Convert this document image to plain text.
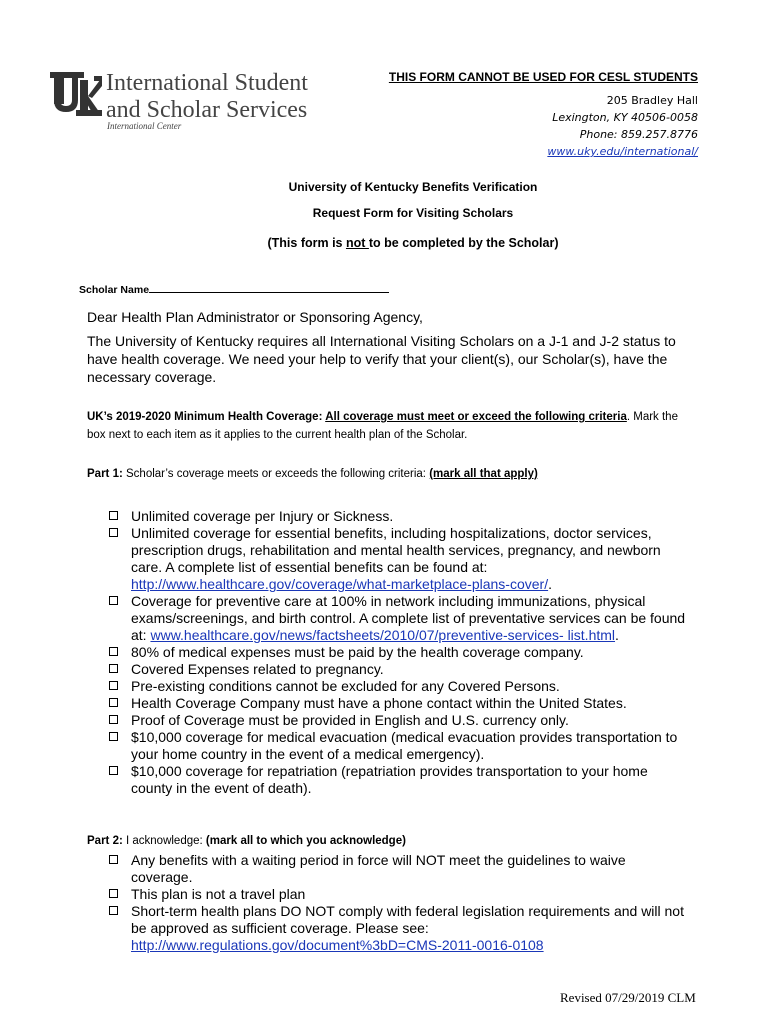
International Student
and Scholar Services
International Center
THIS FORM CANNOT BE USED FOR CESL STUDENTS
205 Bradley Hall
Lexington, KY 40506-0058
Phone: 859.257.8776
www.uky.edu/international/
University of Kentucky Benefits Verification
Request Form for Visiting Scholars
(This form is not to be completed by the Scholar)
Scholar Name

Dear Health Plan Administrator or Sponsoring Agency,

The University of Kentucky requires all International Visiting Scholars on a J-1 and J-2 status to have health coverage. We need your help to verify that your client(s), our Scholar(s), have the necessary coverage.

UK’s 2019-2020 Minimum Health Coverage: All coverage must meet or exceed the following criteria. Mark the box next to each item as it applies to the current health plan of the Scholar.
Part 1: Scholar’s coverage meets or exceeds the following criteria: (mark all that apply)
Unlimited coverage per Injury or Sickness.
Unlimited coverage for essential benefits, including hospitalizations, doctor services, prescription drugs, rehabilitation and mental health services, pregnancy, and newborn care. A complete list of essential benefits can be found at: http://www.healthcare.gov/coverage/what-marketplace-plans-cover/.
Coverage for preventive care at 100% in network including immunizations, physical exams/screenings, and birth control. A complete list of preventative services can be found at: www.healthcare.gov/news/factsheets/2010/07/preventive-services- list.html.
80% of medical expenses must be paid by the health coverage company.
Covered Expenses related to pregnancy.
Pre-existing conditions cannot be excluded for any Covered Persons.
Health Coverage Company must have a phone contact within the United States.
Proof of Coverage must be provided in English and U.S. currency only.
$10,000 coverage for medical evacuation (medical evacuation provides transportation to your home country in the event of a medical emergency).
$10,000 coverage for repatriation (repatriation provides transportation to your home county in the event of death).
Part 2: I acknowledge: (mark all to which you acknowledge)
Any benefits with a waiting period in force will NOT meet the guidelines to waive coverage.
This plan is not a travel plan
Short-term health plans DO NOT comply with federal legislation requirements and will not be approved as sufficient coverage. Please see: http://www.regulations.gov/document%3bD=CMS-2011-0016-0108
Revised 07/29/2019 CLM
